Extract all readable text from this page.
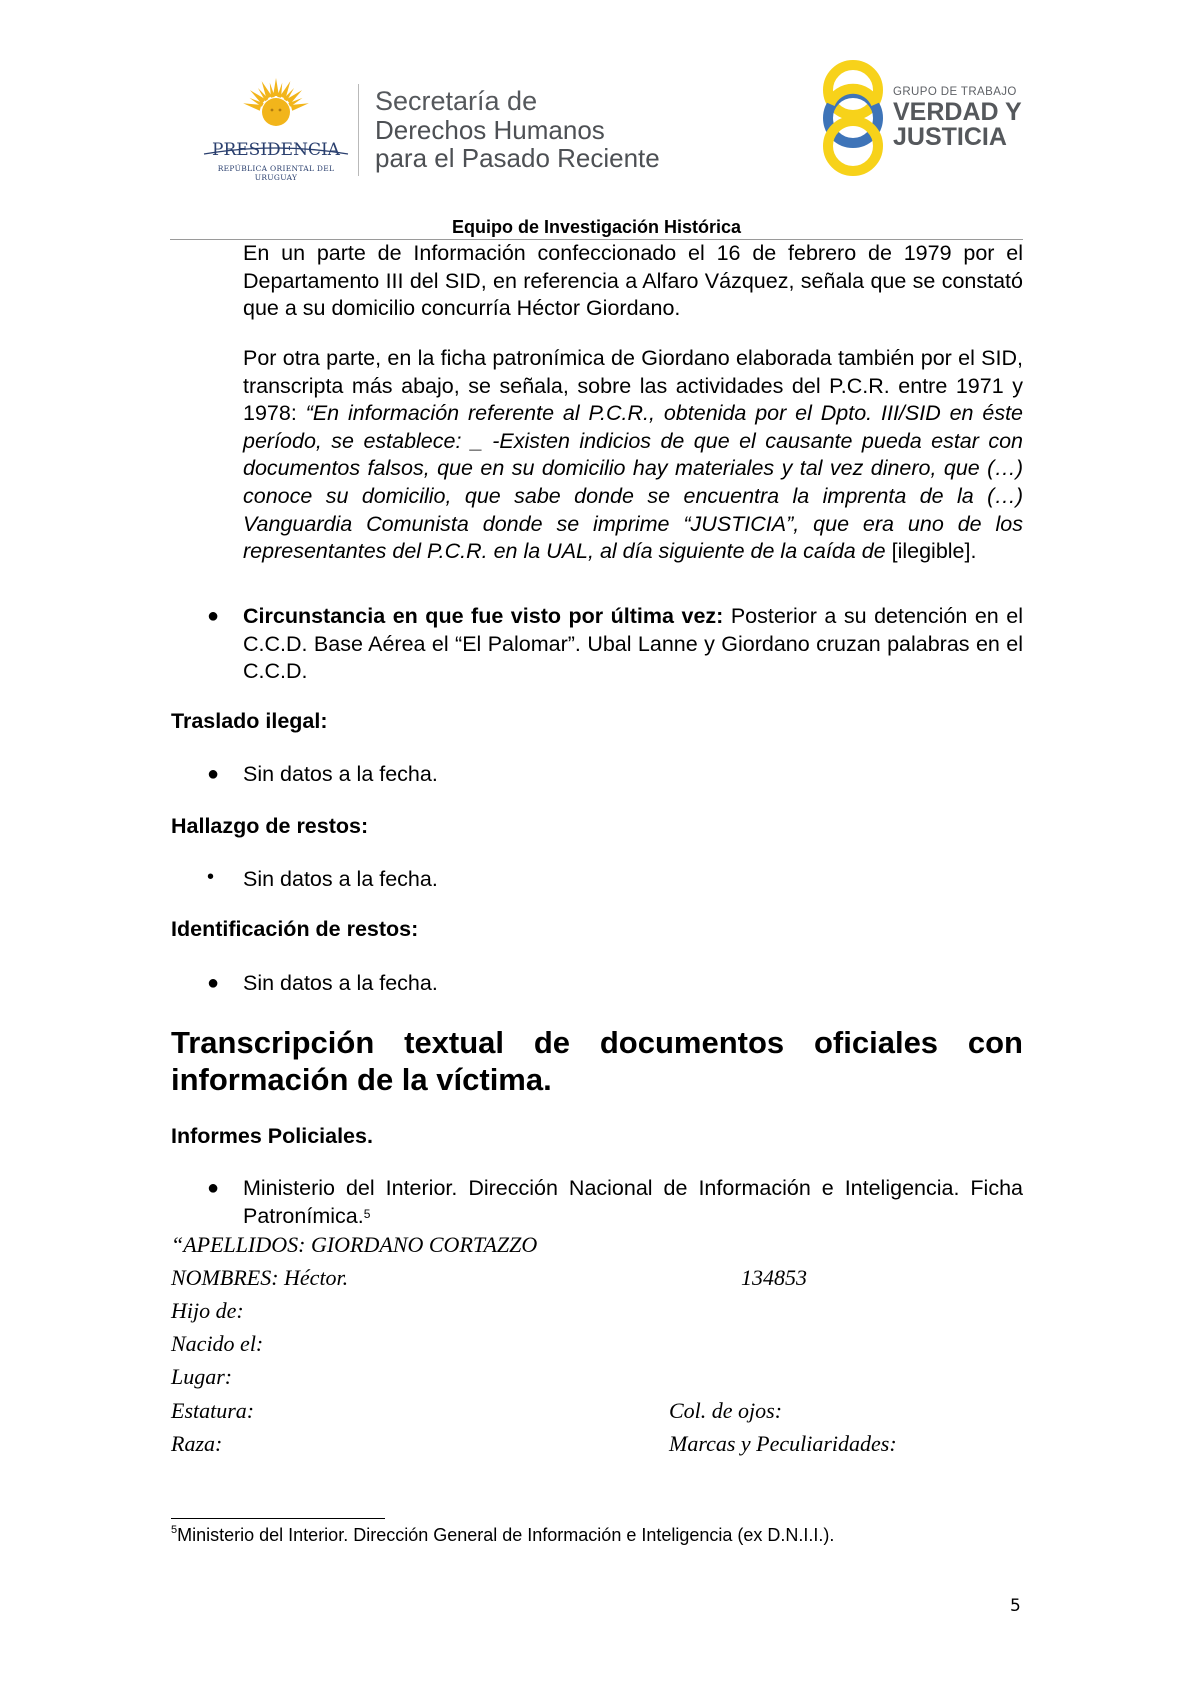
PRESIDENCIA
REPÚBLICA ORIENTAL DEL URUGUAY
Secretaría de
Derechos Humanos
para el Pasado Reciente
GRUPO DE TRABAJO
VERDAD Y
JUSTICIA
Equipo de Investigación Histórica
En un parte de Información confeccionado el 16 de febrero de 1979 por el Departamento III del SID, en referencia a Alfaro Vázquez, señala que se constató que a su domicilio concurría Héctor Giordano.
Por otra parte, en la ficha patronímica de Giordano elaborada también por el SID, transcripta más abajo, se señala, sobre las actividades del P.C.R. entre 1971 y 1978: “En información referente al P.C.R., obtenida por el Dpto. III/SID en éste período, se establece: _ -Existen indicios de que el causante pueda estar con documentos falsos, que en su domicilio hay materiales y tal vez dinero, que (…) conoce su domicilio, que sabe donde se encuentra la imprenta de la (…) Vanguardia Comunista donde se imprime “JUSTICIA”, que era uno de los representantes del P.C.R. en la UAL, al día siguiente de la caída de [ilegible].
● Circunstancia en que fue visto por última vez: Posterior a su detención en el C.C.D. Base Aérea el “El Palomar”. Ubal Lanne y Giordano cruzan palabras en el C.C.D.
Traslado ilegal:
● Sin datos a la fecha.
Hallazgo de restos:
• Sin datos a la fecha.
Identificación de restos:
● Sin datos a la fecha.
Transcripción textual de documentos oficiales con información de la víctima.
Informes Policiales.
● Ministerio del Interior. Dirección Nacional de Información e Inteligencia. Ficha Patronímica.$^5$
“APELLIDOS: GIORDANO CORTAZZO
NOMBRES: Héctor.	134853
Hijo de:
Nacido el:
Lugar:
Estatura:	Col. de ojos:
Raza:	Marcas y Peculiaridades:
$^5$Ministerio del Interior. Dirección General de Información e Inteligencia (ex D.N.I.I.).
5
